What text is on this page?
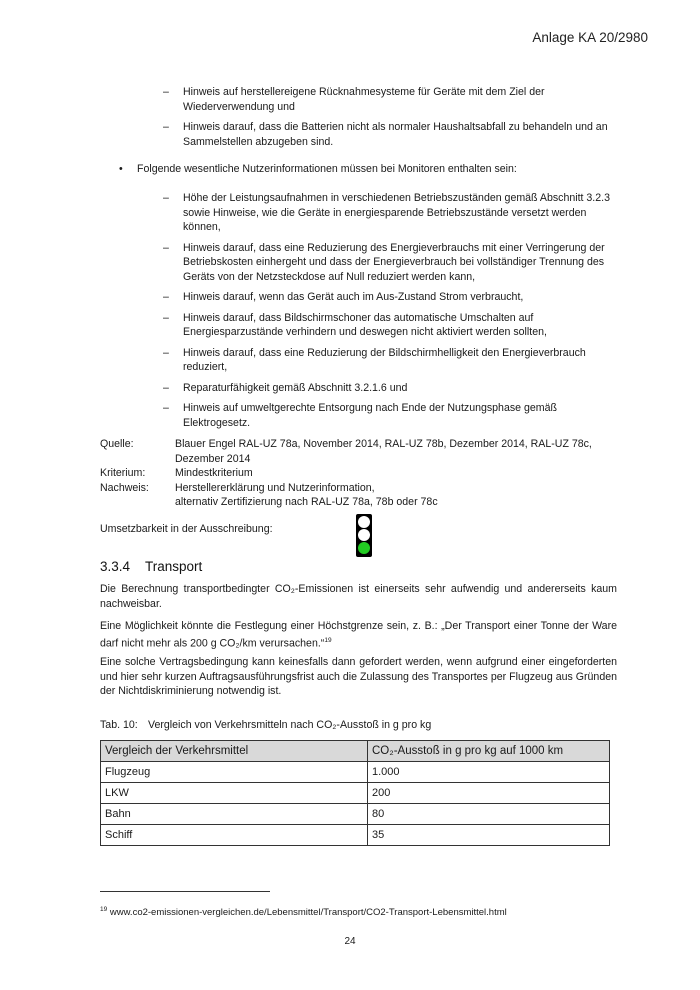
Anlage KA 20/2980
– Hinweis auf herstellereigene Rücknahmesysteme für Geräte mit dem Ziel der Wiederverwendung und
– Hinweis darauf, dass die Batterien nicht als normaler Haushaltsabfall zu behandeln und an Sammelstellen abzugeben sind.
•	Folgende wesentliche Nutzerinformationen müssen bei Monitoren enthalten sein:
– Höhe der Leistungsaufnahmen in verschiedenen Betriebszuständen gemäß Abschnitt 3.2.3 sowie Hinweise, wie die Geräte in energiesparende Betriebszustände versetzt werden können,
– Hinweis darauf, dass eine Reduzierung des Energieverbrauchs mit einer Verringerung der Betriebskosten einhergeht und dass der Energieverbrauch bei vollständiger Trennung des Geräts von der Netzsteckdose auf Null reduziert werden kann,
– Hinweis darauf, wenn das Gerät auch im Aus-Zustand Strom verbraucht,
– Hinweis darauf, dass Bildschirmschoner das automatische Umschalten auf Energiesparzustände verhindern und deswegen nicht aktiviert werden sollten,
– Hinweis darauf, dass eine Reduzierung der Bildschirmhelligkeit den Energieverbrauch reduziert,
– Reparaturfähigkeit gemäß Abschnitt 3.2.1.6 und
– Hinweis auf umweltgerechte Entsorgung nach Ende der Nutzungsphase gemäß Elektrogesetz.
Quelle:	Blauer Engel RAL-UZ 78a, November 2014, RAL-UZ 78b, Dezember 2014, RAL-UZ 78c, Dezember 2014
Kriterium:	Mindestkriterium
Nachweis:	Herstellererklärung und Nutzerinformation,
alternativ Zertifizierung nach RAL-UZ 78a, 78b oder 78c
Umsetzbarkeit in der Ausschreibung:
3.3.4 Transport
Die Berechnung transportbedingter CO₂-Emissionen ist einerseits sehr aufwendig und andererseits kaum nachweisbar.
Eine Möglichkeit könnte die Festlegung einer Höchstgrenze sein, z. B.: „Der Transport einer Tonne der Ware darf nicht mehr als 200 g CO₂/km verursachen.“$^{19}$
Eine solche Vertragsbedingung kann keinesfalls dann gefordert werden, wenn aufgrund einer eingeforderten und hier sehr kurzen Auftragsausführungsfrist auch die Zulassung des Transportes per Flugzeug aus Gründen der Nichtdiskriminierung notwendig ist.
Tab. 10: Vergleich von Verkehrsmitteln nach CO₂-Ausstoß in g pro kg
Vergleich der Verkehrsmittel	CO₂-Ausstoß in g pro kg auf 1000 km
Flugzeug	1.000
LKW	200
Bahn	80
Schiff	35
$^{19}$ www.co2-emissionen-vergleichen.de/Lebensmittel/Transport/CO2-Transport-Lebensmittel.html
24
